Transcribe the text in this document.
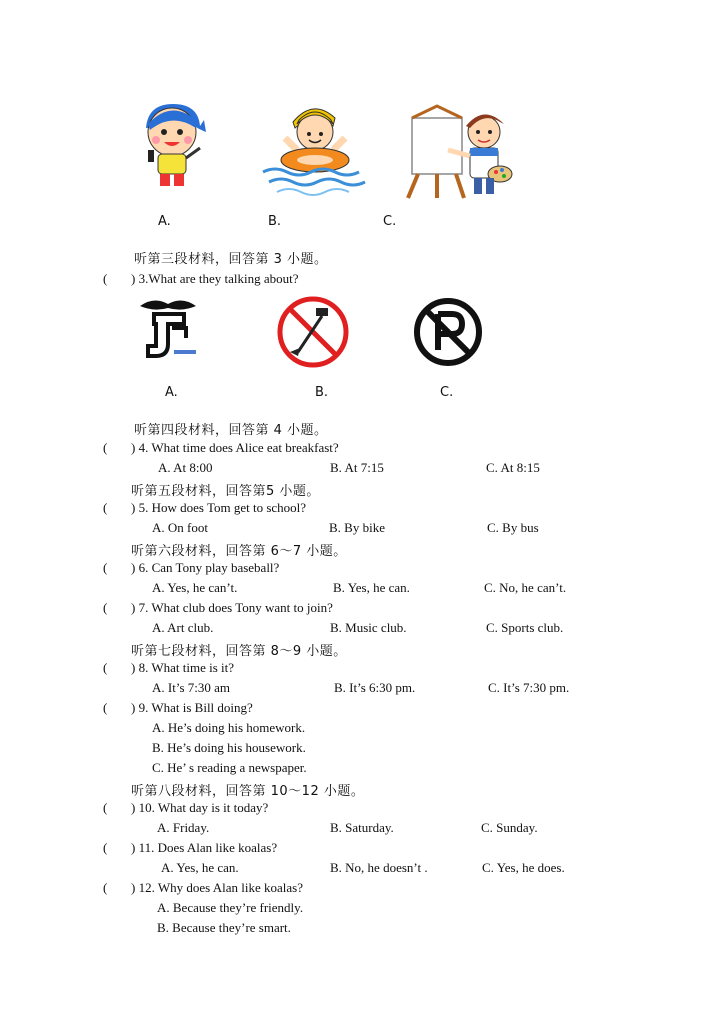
A.	B.	C.
听第三段材料，回答第 3 小题。
( ) 3.What are they talking about?
A.	B.	C.
听第四段材料，回答第 4 小题。
( ) 4. What time does Alice eat breakfast?
A. At 8:00	B. At 7:15	C. At 8:15
听第五段材料，回答第5 小题。
( ) 5. How does Tom get to school?
A. On foot	B. By bike	C. By bus
听第六段材料，回答第 6～7 小题。
( ) 6. Can Tony play baseball?
A. Yes, he can’t.	B. Yes, he can.	C. No, he can’t.
( ) 7. What club does Tony want to join?
A. Art club.	B. Music club.	C. Sports club.
听第七段材料，回答第 8～9 小题。
( ) 8. What time is it?
A. It’s 7:30 am	B. It’s 6:30 pm.	C. It’s 7:30 pm.
( ) 9. What is Bill doing?
A. He’s doing his homework.
B. He’s doing his housework.
C. He’ s reading a newspaper.
听第八段材料，回答第 10～12 小题。
( ) 10. What day is it today?
A. Friday.	B. Saturday.	C. Sunday.
( ) 11. Does Alan like koalas?
A. Yes, he can.	B. No, he doesn’t .	C. Yes, he does.
( ) 12. Why does Alan like koalas?
A. Because they’re friendly.
B. Because they’re smart.
